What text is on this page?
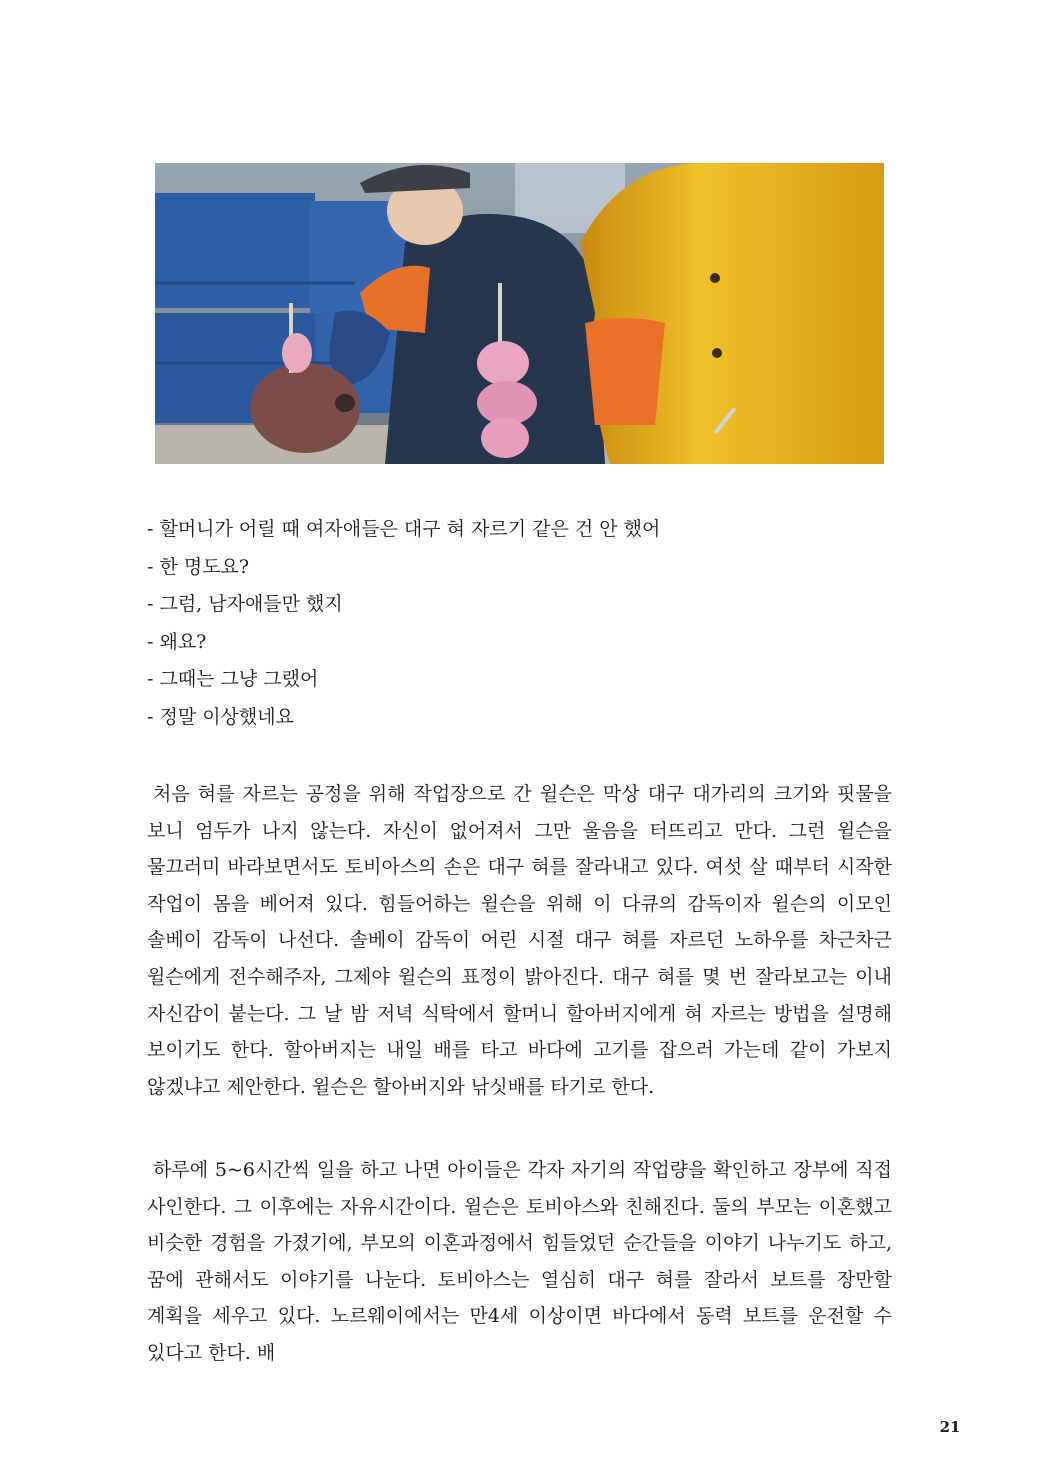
- 할머니가 어릴 때 여자애들은 대구 혀 자르기 같은 건 안 했어
- 한 명도요?
- 그럼, 남자애들만 했지
- 왜요?
- 그때는 그냥 그랬어
- 정말 이상했네요

처음 혀를 자르는 공정을 위해 작업장으로 간 윌슨은 막상 대구 대가리의 크기와 핏물을 보니 엄두가 나지 않는다. 자신이 없어져서 그만 울음을 터뜨리고 만다. 그런 윌슨을 물끄러미 바라보면서도 토비아스의 손은 대구 혀를 잘라내고 있다. 여섯 살 때부터 시작한 작업이 몸을 베어져 있다. 힘들어하는 윌슨을 위해 이 다큐의 감독이자 윌슨의 이모인 솔베이 감독이 나선다. 솔베이 감독이 어린 시절 대구 혀를 자르던 노하우를 차근차근 윌슨에게 전수해주자, 그제야 윌슨의 표정이 밝아진다. 대구 혀를 몇 번 잘라보고는 이내 자신감이 붙는다. 그 날 밤 저녁 식탁에서 할머니 할아버지에게 혀 자르는 방법을 설명해 보이기도 한다. 할아버지는 내일 배를 타고 바다에 고기를 잡으러 가는데 같이 가보지 않겠냐고 제안한다. 윌슨은 할아버지와 낚싯배를 타기로 한다.

하루에 5~6시간씩 일을 하고 나면 아이들은 각자 자기의 작업량을 확인하고 장부에 직접 사인한다. 그 이후에는 자유시간이다. 윌슨은 토비아스와 친해진다. 둘의 부모는 이혼했고 비슷한 경험을 가졌기에, 부모의 이혼과정에서 힘들었던 순간들을 이야기 나누기도 하고, 꿈에 관해서도 이야기를 나눈다. 토비아스는 열심히 대구 혀를 잘라서 보트를 장만할 계획을 세우고 있다. 노르웨이에서는 만4세 이상이면 바다에서 동력 보트를 운전할 수 있다고 한다. 배

21
